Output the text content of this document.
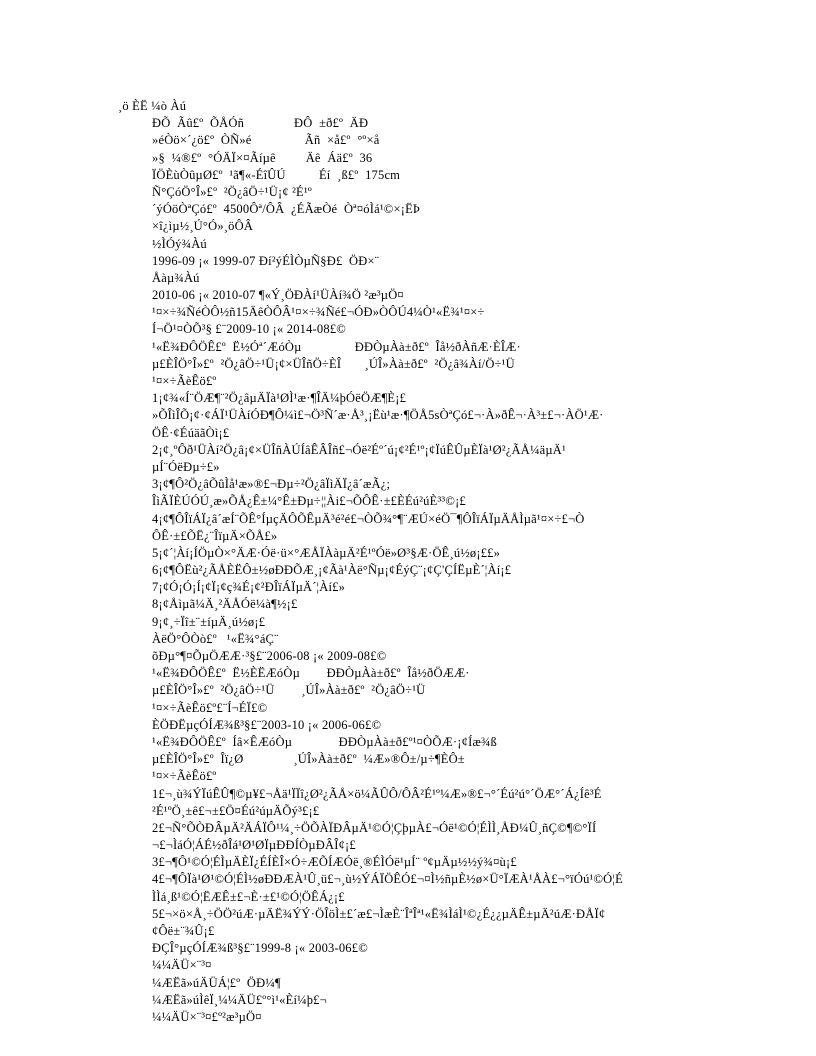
¸ö ÈË ¼ò Àú
ÐÕ  Ãû£º  ÕÅÓñ               ÐÔ  ±ð£º  ÄÐ
»éÒö×´¿ö£º  ÒÑ»é                Ãñ  ×å£º  °º×å
»§  ¼®£º  °ÓÄÏ×¤Ãíµê         Äê  Áä£º  36
ÏÖÈùÒûµØ£º  ¹ã¶«-ÉîÛÚ          Éí  ¸ß£º  175cm
Ñ°ÇóÖ°Î»£º  ²Ö¿âÖ÷¹Ü¡¢ ²É¹º
´ýÓöÒªÇó£º  4500Ôª/ÔÂ  ¿ÉÃæÒé  Òª¤óÌá¹©×¡ËÞ
×î¿ìµ½¸Ú°Ó»¸öÔÂ
½ÌÓý¾Àú
1996-09 ¡« 1999-07 Ðí²ýÉÌÒµÑ§Ð£  ÖÐ×¨
Åàµ¾Àú
2010-06 ¡« 2010-07 ¶«Ý¸ÖÐÀí¹ÜÀí¾Ö ²æ³µÖ¤
¹¤×÷¾ÑéÒÔ½ñ15ÄêÒÔÂ¹¤×÷¾Ñé£¬ÓÐ»ÒÔÚ4¼Ò¹«Ë¾¹¤×÷
Í¬Ö¹¤ÒÕ³§ £¨2009-10 ¡« 2014-08£©
¹«Ë¾ÐÔÖÊ£º  Ë½Óª´ÆóÒµ                ÐÐÒµÀà±ð£º  Îå½ðÀñÆ·ÈÎÆ·
µ£ÈÎÖ°Î»£º  ²Ö¿âÖ÷¹Ü¡¢×ÜÎñÖ÷ÈÎ       ¸ÚÎ»Àà±ð£º  ²Ö¿â¾Àí/Ö÷¹Ü
¹¤×÷ÃèÊö£º
1¡¢¾«Í¨ÖÆ¶¨²Ö¿âµÄÏà¹ØÌ¹æ·¶ÎÄ¼þÓëÖÆ¶È¡£
»ÕÎìÎÕ¡¢·¢ÁÏ¹ÜÀíÓÐ¶Ô¼ì£¬Ö³Ñ´æ·Å³¸¡Ëù¹æ·¶ÖÅ5sÒªÇó£¬·À»ðÊ¬·À³±£¬·ÀÖ¹Æ·
ÖÊ·¢ÉúäãÒì¡£
2¡¢¸ºÔð¹ÜÀí²Ö¿â¡¢×ÜÎñÀÚÍâÊÂÎñ£¬Óë²Éº´ú¡¢²É¹º¡¢ÏúÊÛµÈÏà¹Ø²¿ÃÅ¼äµÄ¹
µÍ¨ÓëÐµ÷£»
3¡¢¶Ô²Ö¿âÕûÌå¹æ»®£¬Ðµ÷²Ö¿âÏìÄÏ¿â´æÃ¿;
ÎìÃÏÈÚÓÚ¸æ»ÕÅ¿Ê±¼°Ê±Ðµ÷¦¦Ài£¬ÕÔÊ·±£ÈÉú²úÈ³³©¡£
4¡¢¶ÔÎïÁÏ¿â´æÍ¨ÕÊ°ÍµçÄÔÕÊµÄ³é²é£¬ÒÕ¾°¶¨ÆÚ×éÖ¯¶ÔÎïÁÏµÄÅÌµã¹¤×÷£¬Ò
ÔÊ·±£ÕË¿¨ÎïµÄ×ÕÅ£»
5¡¢´¦Àí¡ÍÖµÒ×°ÄÆ·Óë·ü×°ÆÅÏÀàµÄ²É¹ºÓë»Ø³§Æ·ÖÊ¸ú½ø¡££»
6¡¢¶ÔËù²¿ÃÅÈËÔ±½øÐÐÕÆ¸¡¢Ãà¹Àë°Ñµ¡¢ÉýÇ¨¡¢Ç'ÇÍËµÈ´¦Àí¡£
7¡¢Ó¡Ó¡Í¡¢Ï¡¢ç¾É¡¢²ÐÎïÁÏµÄ´¦Àí£»
8¡¢Åìµã¼Ä¸²ÄÅÓë¼à¶½¡£
9¡¢¸÷Ïî±¨±íµÄ¸ú½ø¡£
ÀëÖ°ÔÒò£º   ¹«Ë¾°áÇ¨
õÐµ°¶¤ÕµÖÆÆ·³§£¨2006-08 ¡« 2009-08£©
¹«Ë¾ÐÔÖÊ£º  Ë½ÈËÆóÒµ        ÐÐÒµÀà±ð£º  Îå½ðÖÆÆ·
µ£ÈÎÖ°Î»£º  ²Ö¿âÖ÷¹Ü        ¸ÚÎ»Àà±ð£º  ²Ö¿âÖ÷¹Ü
¹¤×÷ÃèÊö£º£¨Í¬ÉÏ£©
ÈÖÐËµçÓÍÆ¾ß³§£¨2003-10 ¡« 2006-06£©
¹«Ë¾ÐÔÖÊ£º  Íâ×ÊÆóÒµ              ÐÐÒµÀà±ð£º¹¤ÒÕÆ·¡¢Íæ¾ß
µ£ÈÎÖ°Î»£º  Îï¿Ø               ¸ÚÎ»Àà±ð£º  ¼Æ»®Ô±/µ÷¶ÈÔ±
¹¤×÷ÃèÊö£º
1£¬¸ù¾ÝÏúÊÛ¶©µ¥£¬Åä¹ÏÏî¿Ø²¿ÃÅ×ö¼ÃÛÔ/ÔÂ²É¹º¼Æ»®£¬°´Éú²ú°´ÖÆ°´Á¿Íê³É
²É¹ºÖ¸±ê£¬±£Ö¤Éú²úµÄÕý³£¡£
2£¬Ñ°ÕÒÐÂµÄ²ÄÁÏÔ¹¼¸÷ÖÕÀÏÐÂµÄ¹©Ó¦ÇþµÀ£¬Óë¹©Ó¦ÉÌÌ¸ÅÐ¼Û¸ñÇ©¶©°ÏÍ
¬£¬ÌáÓ¦ÁÉ½ðÎá¹Ø¹ØÏµÐÐÍÒµÐÂÎ¢¡£
3£¬¶Ô¹©Ó¦ÉÌµÄÈÏ¿ÉÍÈÎ×Ó÷ÆÕÍÆÓë¸®ÉÌÓë¹µÍ¨ º¢µÄµ½½ý¾¤ù¡£
4£¬¶ÔÏà¹Ø¹©Ó¦ÉÌ½øÐÐÆÀ¹Û¸ü£¬¸ù½ÝÁÏÖÊÓ£¬¤Ì½ñµÈ½ø×Ü°ÏÆÀ¹ÅÀ£¬°ïÓú¹©Ó¦É
ÌÌá¸ß¹©Ó¦ËÆÊ±£¬È·±£¹©Ó¦ÖÊÁ¿¡£
5£¬×ö×Å¸÷ÖÖ²úÆ·µÄË¾ÝÝ·ÖÎöÌ±£´æ£¬ÌæÈ¨ÎªÎª¹«Ë¾ÌáÌ¹©¿É¿¿µÄÊ±µÄ²úÆ·ÐÅÏ¢
¢Ôë±¨¾Û¡£
ÐÇÎ°µçÓÍÆ¾ß³§£¨1999-8 ¡« 2003-06£©
¼¼ÄÜ×¨³¤
¼ÆËã»úÄÜÁ¦£º  ÖÐ¼¶
¼ÆËã»úÌêÏ¸¼¼ÄÜ£º°ì¹«Èí¼þ£¬
¼¼ÄÜ×¨³¤£º²æ³µÖ¤
